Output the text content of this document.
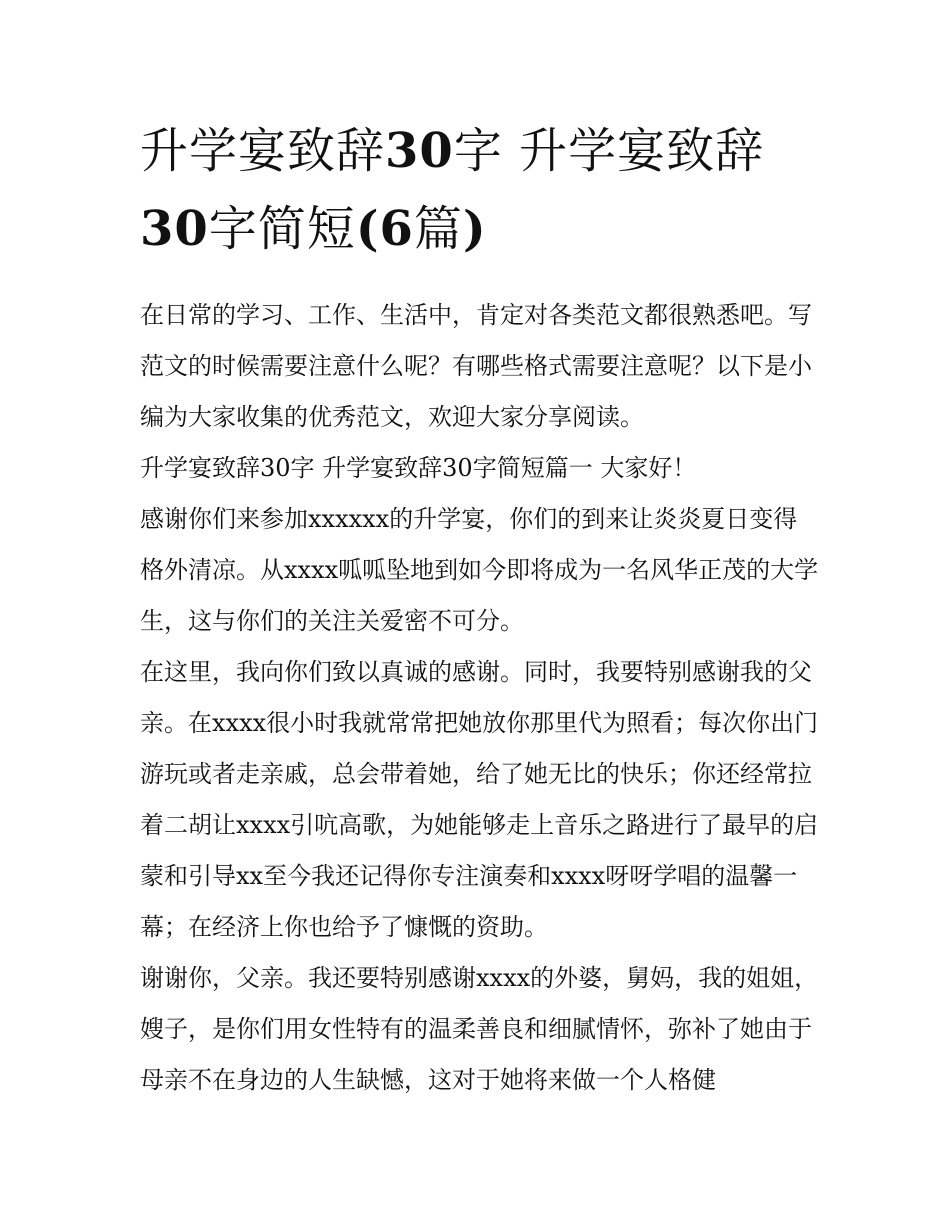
升学宴致辞30字 升学宴致辞30字简短(6篇)

在日常的学习、工作、生活中，肯定对各类范文都很熟悉吧。写范文的时候需要注意什么呢？有哪些格式需要注意呢？以下是小编为大家收集的优秀范文，欢迎大家分享阅读。

升学宴致辞30字 升学宴致辞30字简短篇一 大家好！

感谢你们来参加xxxxxx的升学宴，你们的到来让炎炎夏日变得格外清凉。从xxxx呱呱坠地到如今即将成为一名风华正茂的大学生，这与你们的关注关爱密不可分。

在这里，我向你们致以真诚的感谢。同时，我要特别感谢我的父亲。在xxxx很小时我就常常把她放你那里代为照看；每次你出门游玩或者走亲戚，总会带着她，给了她无比的快乐；你还经常拉着二胡让xxxx引吭高歌，为她能够走上音乐之路进行了最早的启蒙和引导xx至今我还记得你专注演奏和xxxx呀呀学唱的温馨一幕；在经济上你也给予了慷慨的资助。

谢谢你，父亲。我还要特别感谢xxxx的外婆，舅妈，我的姐姐，嫂子，是你们用女性特有的温柔善良和细腻情怀，弥补了她由于母亲不在身边的人生缺憾，这对于她将来做一个人格健
